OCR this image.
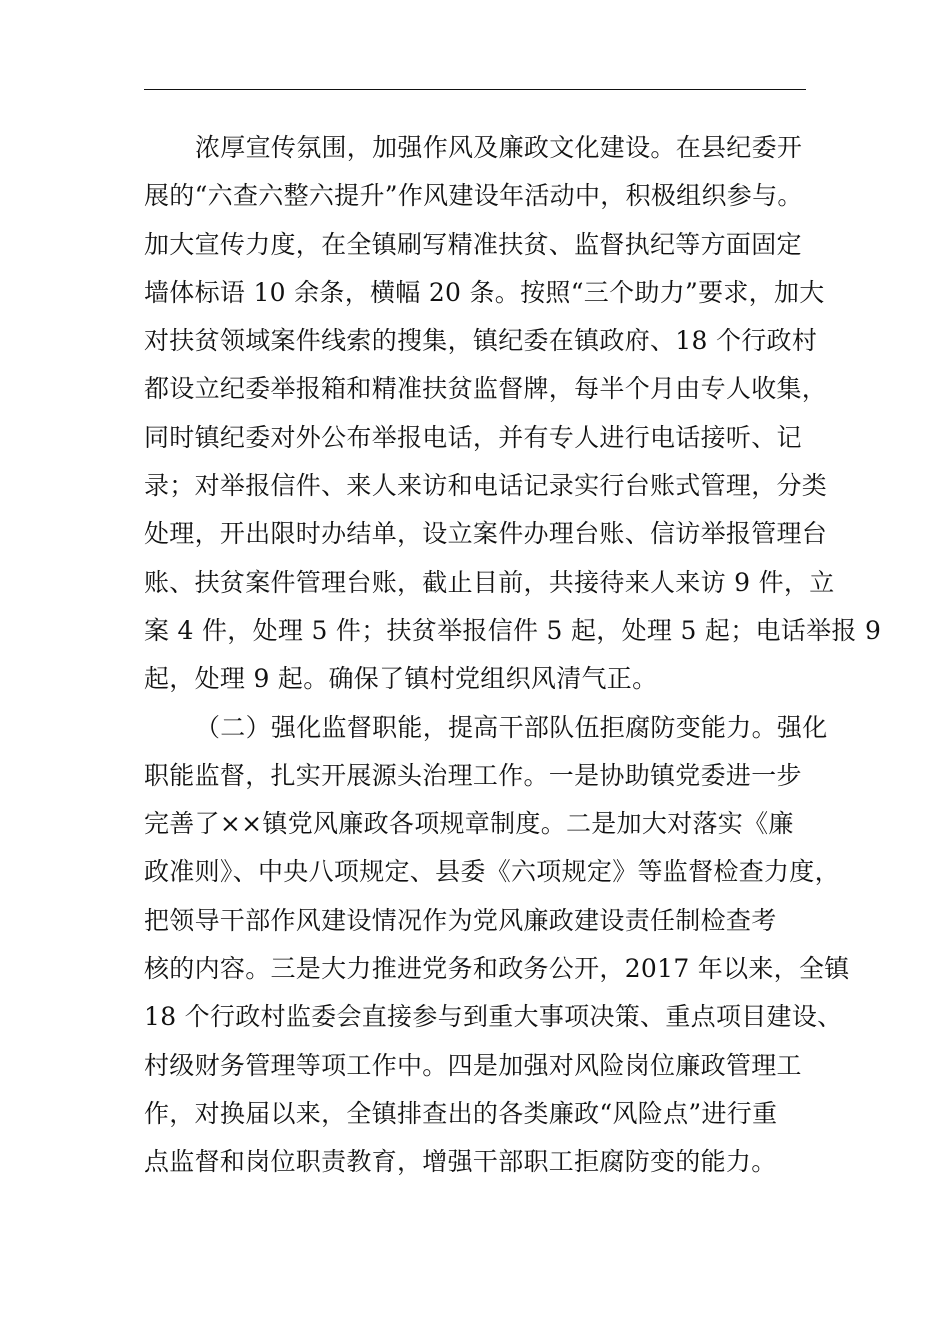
浓厚宣传氛围，加强作风及廉政文化建设。在县纪委开
展的“六查六整六提升”作风建设年活动中，积极组织参与。
加大宣传力度，在全镇刷写精准扶贫、监督执纪等方面固定
墙体标语 10 余条，横幅 20 条。按照“三个助力”要求，加大
对扶贫领域案件线索的搜集，镇纪委在镇政府、18 个行政村
都设立纪委举报箱和精准扶贫监督牌，每半个月由专人收集，
同时镇纪委对外公布举报电话，并有专人进行电话接听、记
录；对举报信件、来人来访和电话记录实行台账式管理，分类
处理，开出限时办结单，设立案件办理台账、信访举报管理台
账、扶贫案件管理台账，截止目前，共接待来人来访 9 件，立
案 4 件，处理 5 件；扶贫举报信件 5 起，处理 5 起；电话举报 9
起，处理 9 起。确保了镇村党组织风清气正。
（二）强化监督职能，提高干部队伍拒腐防变能力。强化
职能监督，扎实开展源头治理工作。一是协助镇党委进一步
完善了××镇党风廉政各项规章制度。二是加大对落实《廉
政准则》、中央八项规定、县委《六项规定》等监督检查力度，
把领导干部作风建设情况作为党风廉政建设责任制检查考
核的内容。三是大力推进党务和政务公开，2017 年以来，全镇
18 个行政村监委会直接参与到重大事项决策、重点项目建设、
村级财务管理等项工作中。四是加强对风险岗位廉政管理工
作，对换届以来，全镇排查出的各类廉政“风险点”进行重
点监督和岗位职责教育，增强干部职工拒腐防变的能力。
